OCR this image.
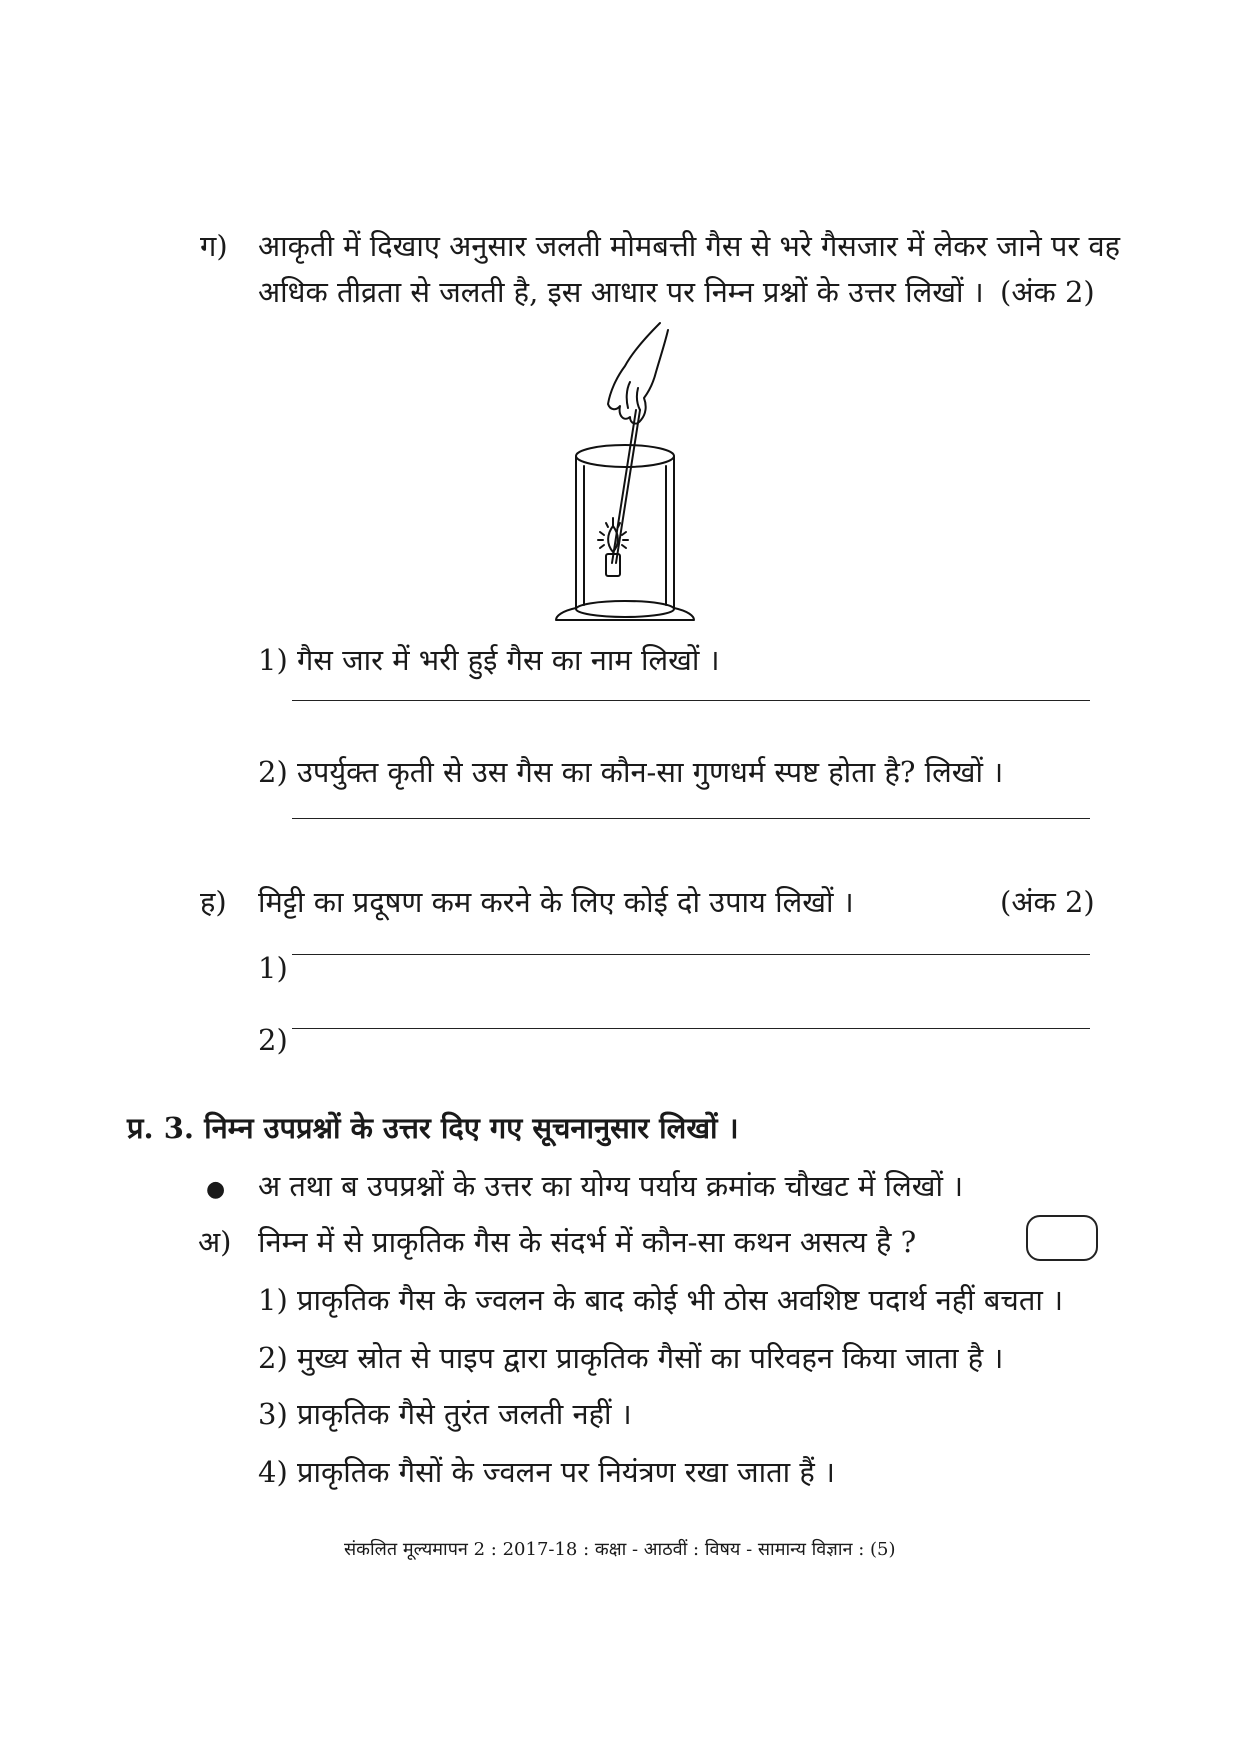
ग) आकृती में दिखाए अनुसार जलती मोमबत्ती गैस से भरे गैसजार में लेकर जाने पर वह
अधिक तीव्रता से जलती है, इस आधार पर निम्न प्रश्नों के उत्तर लिखों । (अंक 2)
1) गैस जार में भरी हुई गैस का नाम लिखों ।
2) उपर्युक्त कृती से उस गैस का कौन-सा गुणधर्म स्पष्ट होता है? लिखों ।
ह) मिट्टी का प्रदूषण कम करने के लिए कोई दो उपाय लिखों ।	(अंक 2)
1)
2)
प्र. 3. निम्न उपप्रश्नों के उत्तर दिए गए सूचनानुसार लिखों ।
● अ तथा ब उपप्रश्नों के उत्तर का योग्य पर्याय क्रमांक चौखट में लिखों ।
अ) निम्न में से प्राकृतिक गैस के संदर्भ में कौन-सा कथन असत्य है ?
1) प्राकृतिक गैस के ज्वलन के बाद कोई भी ठोस अवशिष्ट पदार्थ नहीं बचता ।
2) मुख्य स्रोत से पाइप द्वारा प्राकृतिक गैसों का परिवहन किया जाता है ।
3) प्राकृतिक गैसे तुरंत जलती नहीं ।
4) प्राकृतिक गैसों के ज्वलन पर नियंत्रण रखा जाता हैं ।
संकलित मूल्यमापन 2 : 2017-18 : कक्षा - आठवीं : विषय - सामान्य विज्ञान : (5)
